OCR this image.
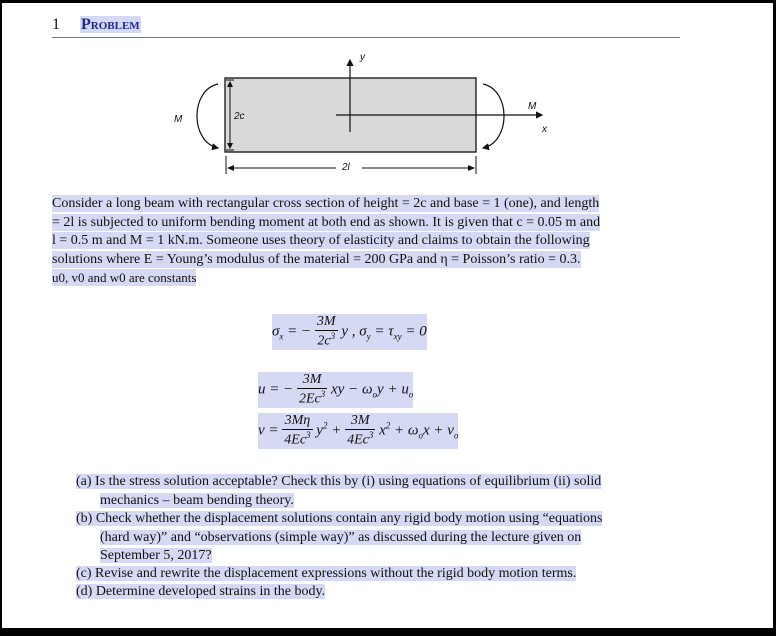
1 Problem
M
M
2c
2l
y
x
Consider a long beam with rectangular cross section of height = 2c and base = 1 (one), and length
= 2l is subjected to uniform bending moment at both end as shown. It is given that c = 0.05 m and
l = 0.5 m and M = 1 kN.m. Someone uses theory of elasticity and claims to obtain the following
solutions where E = Young’s modulus of the material = 200 GPa and η = Poisson’s ratio = 0.3.
u0, v0 and w0 are constants
$\sigma_x$ = − $\frac{3M}{2c^3}$ y , $\sigma_y = \tau_{xy} = 0$
u = − $\frac{3M}{2Ec^3}$ xy − $\omega_oy + u_o$
$v = \frac{3M\eta}{4Ec^3} y^2 + \frac{3M}{4Ec^3} x^2 + \omega_ox + v_o$
(a) Is the stress solution acceptable? Check this by (i) using equations of equilibrium (ii) solid
mechanics – beam bending theory.
(b) Check whether the displacement solutions contain any rigid body motion using “equations
(hard way)” and “observations (simple way)” as discussed during the lecture given on
September 5, 2017?
(c) Revise and rewrite the displacement expressions without the rigid body motion terms.
(d) Determine developed strains in the body.
